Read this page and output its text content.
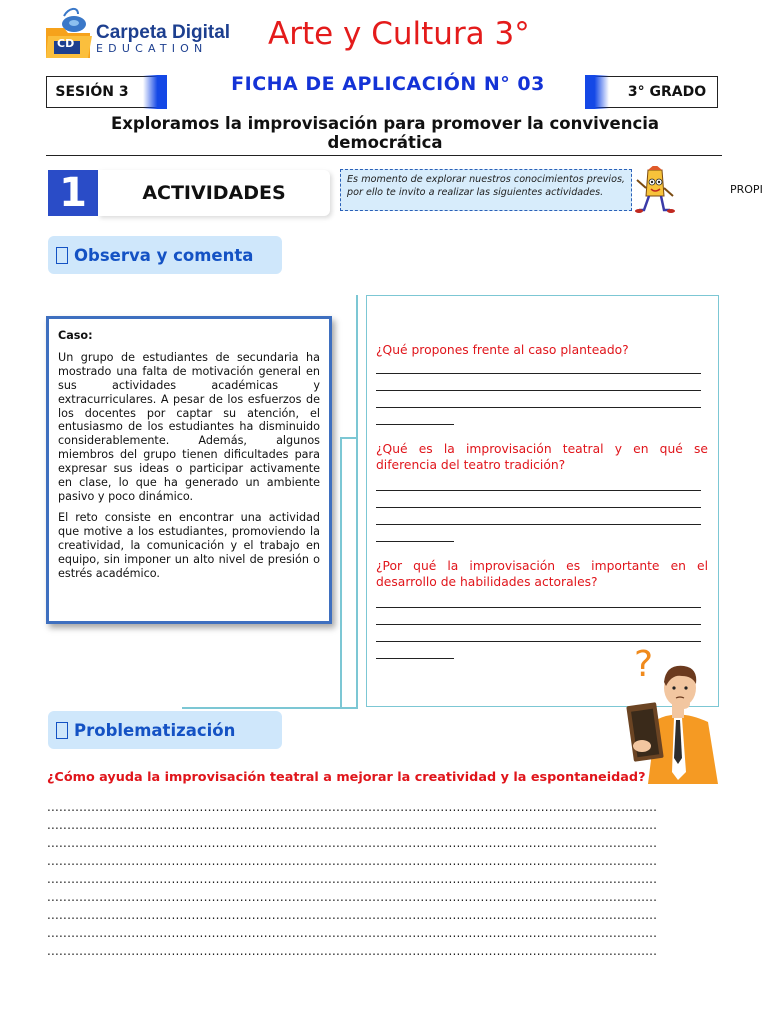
CD
Carpeta Digital
EDUCATION Arte y Cultura 3°
SESIÓN 3	FICHA DE APLICACIÓN N° 03	3° GRADO
Exploramos la improvisación para promover la convivencia democrática
1	ACTIVIDADES
Es momento de explorar nuestros conocimientos previos, por ello te invito a realizar las siguientes actividades.	PROPI
Observa y comenta

Caso:

Un grupo de estudiantes de secundaria ha mostrado una falta de motivación general en sus actividades académicas y extracurriculares. A pesar de los esfuerzos de los docentes por captar su atención, el entusiasmo de los estudiantes ha disminuido considerablemente. Además, algunos miembros del grupo tienen dificultades para expresar sus ideas o participar activamente en clase, lo que ha generado un ambiente pasivo y poco dinámico.

El reto consiste en encontrar una actividad que motive a los estudiantes, promoviendo la creatividad, la comunicación y el trabajo en equipo, sin imponer un alto nivel de presión o estrés académico.

¿Qué propones frente al caso planteado?
¿Qué es la improvisación teatral y en qué se diferencia del teatro tradición?
¿Por qué la improvisación es importante en el desarrollo de habilidades actorales?
?
Problematización
¿Cómo ayuda la improvisación teatral a mejorar la creatividad y la espontaneidad?
........................................................................................................................................................
........................................................................................................................................................
........................................................................................................................................................
........................................................................................................................................................
........................................................................................................................................................
........................................................................................................................................................
........................................................................................................................................................
........................................................................................................................................................
........................................................................................................................................................
